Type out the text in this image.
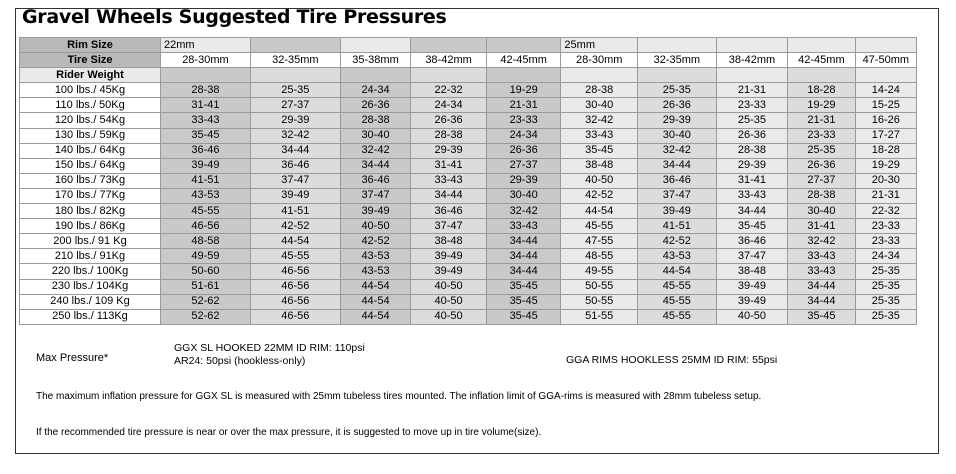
Gravel Wheels Suggested Tire Pressures
Rim Size	22mm					25mm				
Tire Size	28-30mm	32-35mm	35-38mm	38-42mm	42-45mm	28-30mm	32-35mm	38-42mm	42-45mm	47-50mm
Rider Weight										
100 lbs./ 45Kg	28-38	25-35	24-34	22-32	19-29	28-38	25-35	21-31	18-28	14-24
110 lbs./ 50Kg	31-41	27-37	26-36	24-34	21-31	30-40	26-36	23-33	19-29	15-25
120 lbs./ 54Kg	33-43	29-39	28-38	26-36	23-33	32-42	29-39	25-35	21-31	16-26
130 lbs./ 59Kg	35-45	32-42	30-40	28-38	24-34	33-43	30-40	26-36	23-33	17-27
140 lbs./ 64Kg	36-46	34-44	32-42	29-39	26-36	35-45	32-42	28-38	25-35	18-28
150 lbs./ 64Kg	39-49	36-46	34-44	31-41	27-37	38-48	34-44	29-39	26-36	19-29
160 lbs./ 73Kg	41-51	37-47	36-46	33-43	29-39	40-50	36-46	31-41	27-37	20-30
170 lbs./ 77Kg	43-53	39-49	37-47	34-44	30-40	42-52	37-47	33-43	28-38	21-31
180 lbs./ 82Kg	45-55	41-51	39-49	36-46	32-42	44-54	39-49	34-44	30-40	22-32
190 lbs./ 86Kg	46-56	42-52	40-50	37-47	33-43	45-55	41-51	35-45	31-41	23-33
200 lbs./ 91 Kg	48-58	44-54	42-52	38-48	34-44	47-55	42-52	36-46	32-42	23-33
210 lbs./ 91Kg	49-59	45-55	43-53	39-49	34-44	48-55	43-53	37-47	33-43	24-34
220 lbs./ 100Kg	50-60	46-56	43-53	39-49	34-44	49-55	44-54	38-48	33-43	25-35
230 lbs./ 104Kg	51-61	46-56	44-54	40-50	35-45	50-55	45-55	39-49	34-44	25-35
240 lbs./ 109 Kg	52-62	46-56	44-54	40-50	35-45	50-55	45-55	39-49	34-44	25-35
250 lbs./ 113Kg	52-62	46-56	44-54	40-50	35-45	51-55	45-55	40-50	35-45	25-35
Max Pressure*
GGX SL HOOKED 22MM ID RIM: 110psi
AR24: 50psi (hookless-only)	GGA RIMS HOOKLESS 25MM ID RIM: 55psi
The maximum inflation pressure for GGX SL is measured with 25mm tubeless tires mounted. The inflation limit of GGA-rims is measured with 28mm tubeless setup.
If the recommended tire pressure is near or over the max pressure, it is suggested to move up in tire volume(size).
